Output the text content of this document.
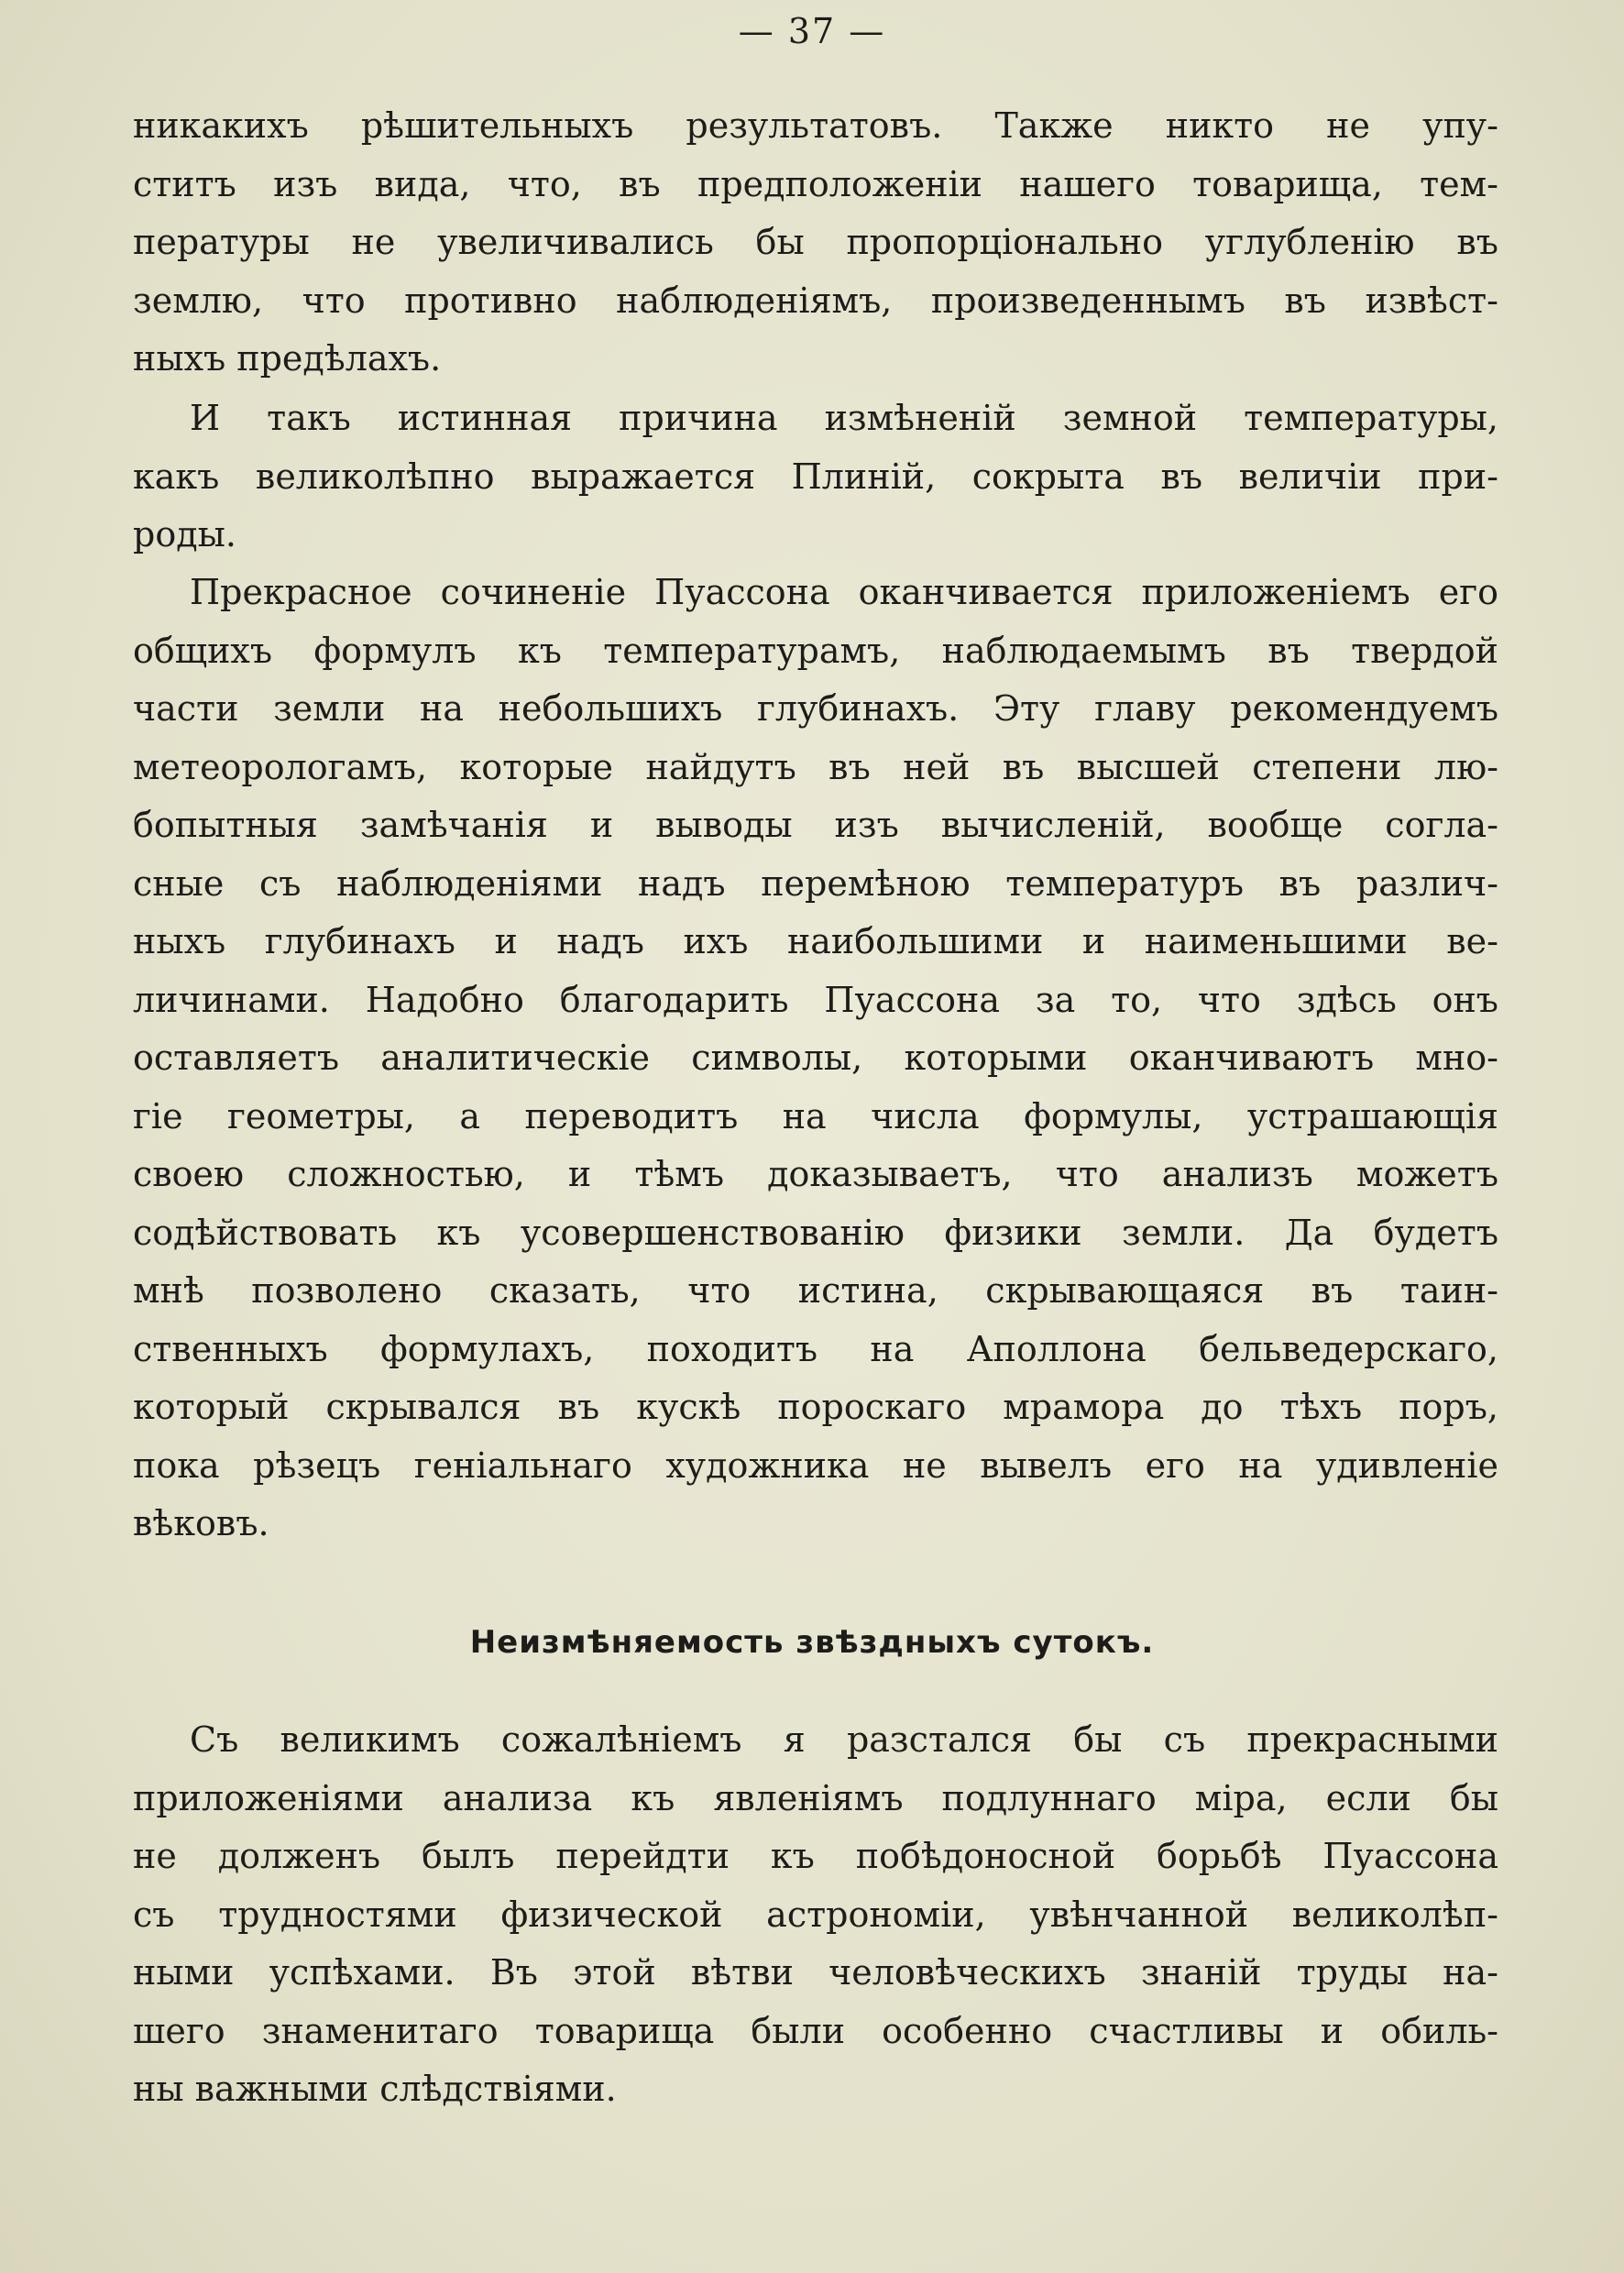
— 37 —
никакихъ рѣшительныхъ результатовъ. Также никто не упу-
ститъ изъ вида, что, въ предположеніи нашего товарища, тем-
пературы не увеличивались бы пропорціонально углубленію въ
землю, что противно наблюденіямъ, произведеннымъ въ извѣст-
ныхъ предѣлахъ.
И такъ истинная причина измѣненій земной температуры,
какъ великолѣпно выражается Плиній, сокрыта въ величіи при-
роды.
Прекрасное сочиненіе Пуассона оканчивается приложеніемъ его
общихъ формулъ къ температурамъ, наблюдаемымъ въ твердой
части земли на небольшихъ глубинахъ. Эту главу рекомендуемъ
метеорологамъ, которые найдутъ въ ней въ высшей степени лю-
бопытныя замѣчанія и выводы изъ вычисленій, вообще согла-
сные съ наблюденіями надъ перемѣною температуръ въ различ-
ныхъ глубинахъ и надъ ихъ наибольшими и наименьшими ве-
личинами. Надобно благодарить Пуассона за то, что здѣсь онъ
оставляетъ аналитическіе символы, которыми оканчиваютъ мно-
гіе геометры, а переводитъ на числа формулы, устрашающія
своею сложностью, и тѣмъ доказываетъ, что анализъ можетъ
содѣйствовать къ усовершенствованію физики земли. Да будетъ
мнѣ позволено сказать, что истина, скрывающаяся въ таин-
ственныхъ формулахъ, походитъ на Аполлона бельведерскаго,
который скрывался въ кускѣ пороскаго мрамора до тѣхъ поръ,
пока рѣзецъ геніальнаго художника не вывелъ его на удивленіе
вѣковъ.
Неизмѣняемость звѣздныхъ сутокъ.
Съ великимъ сожалѣніемъ я разстался бы съ прекрасными
приложеніями анализа къ явленіямъ подлуннаго міра, если бы
не долженъ былъ перейдти къ побѣдоносной борьбѣ Пуассона
съ трудностями физической астрономіи, увѣнчанной великолѣп-
ными успѣхами. Въ этой вѣтви человѣческихъ знаній труды на-
шего знаменитаго товарища были особенно счастливы и обиль-
ны важными слѣдствіями.
